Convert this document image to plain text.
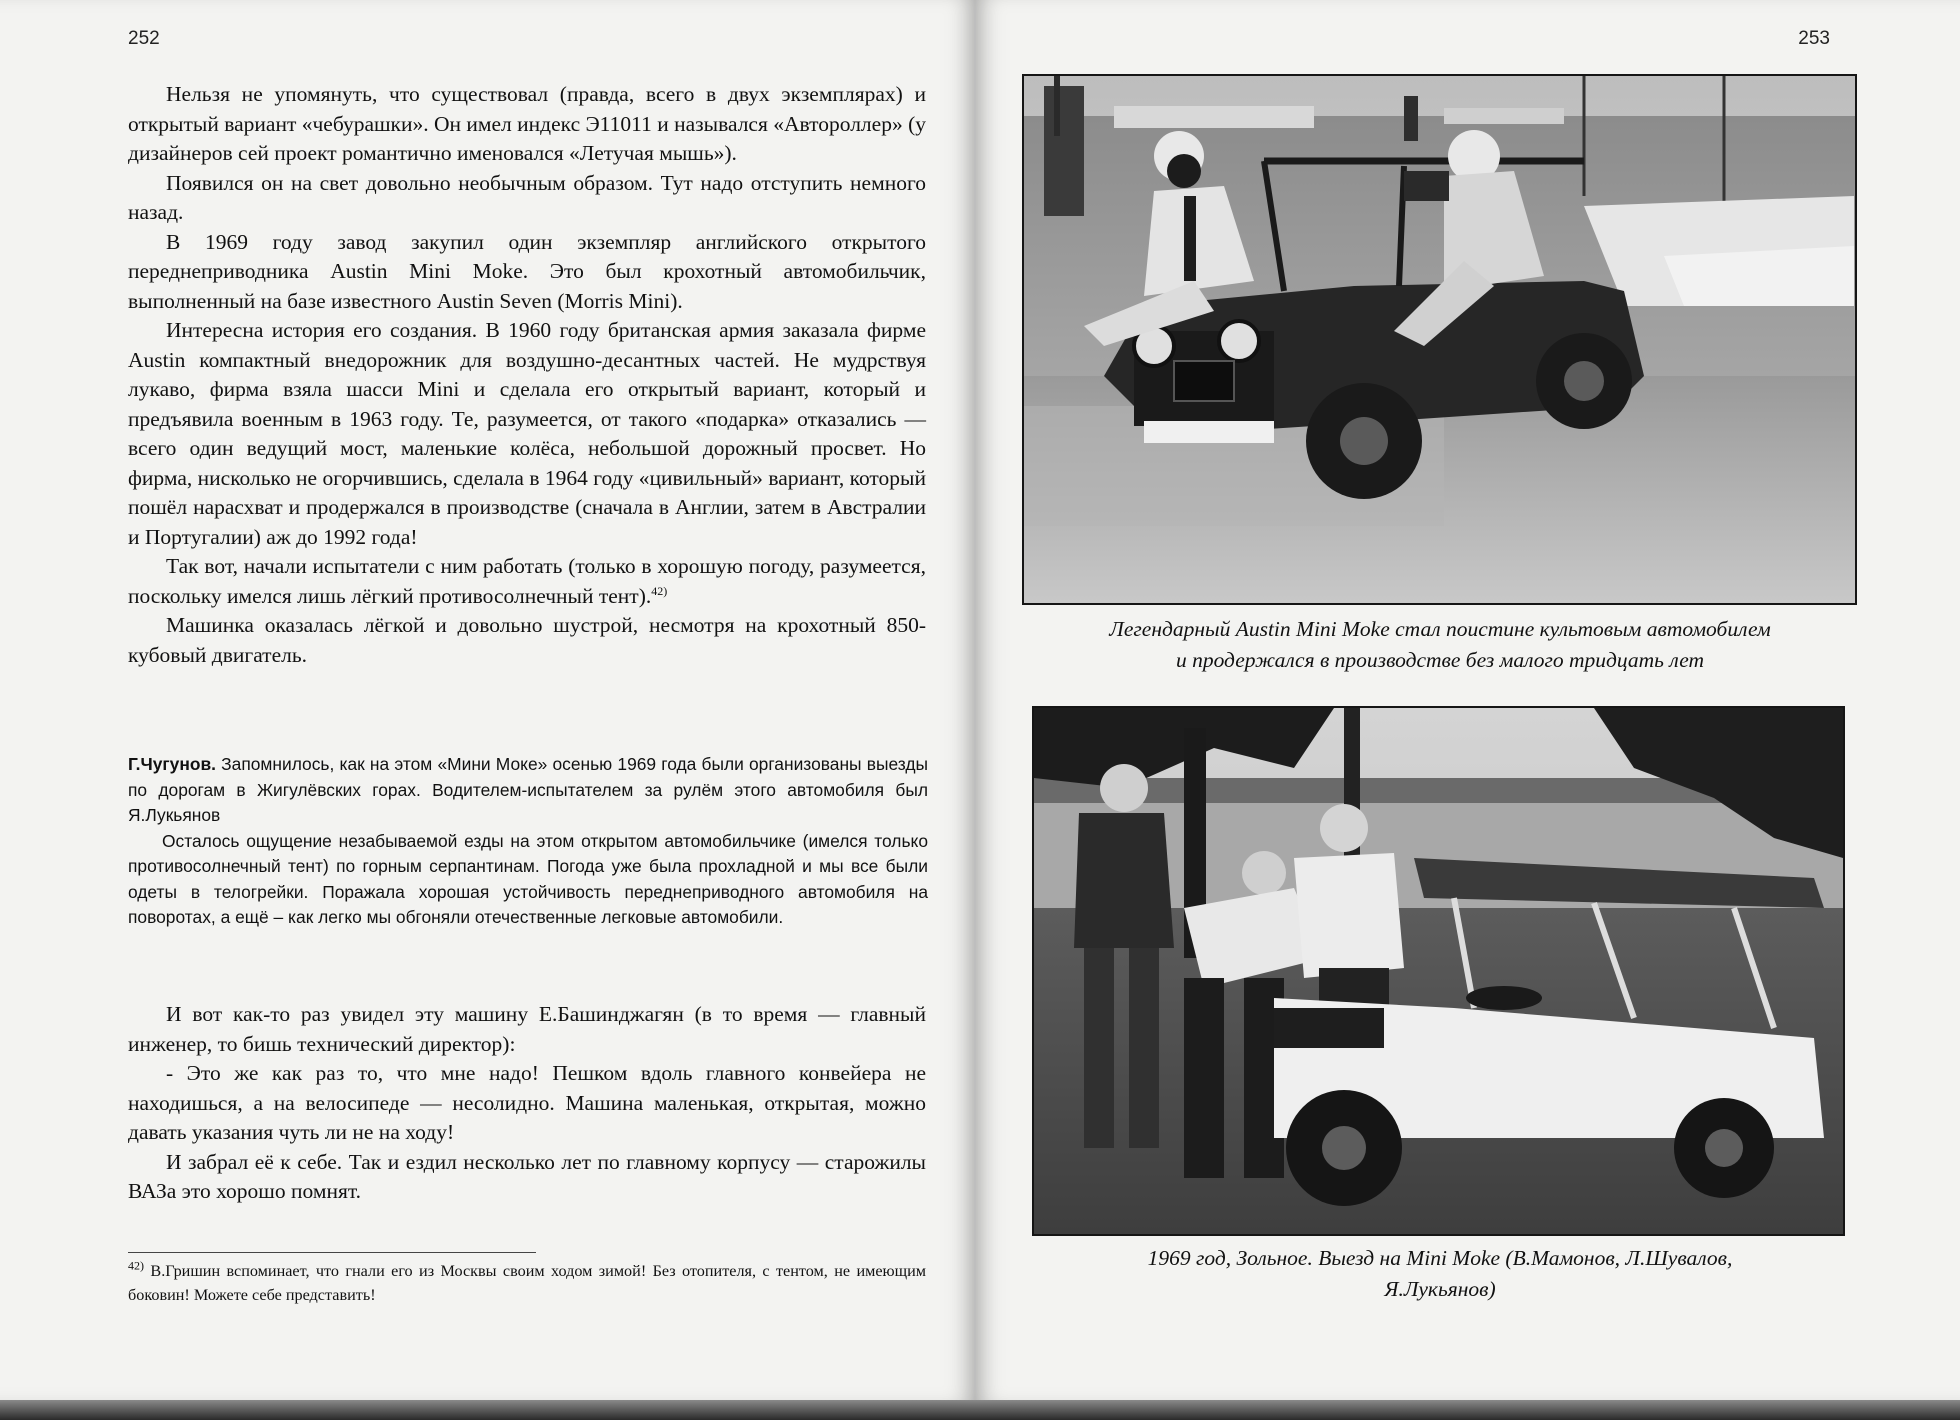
252

Нельзя не упомянуть, что существовал (правда, всего в двух экземплярах) и открытый вариант «чебурашки». Он имел индекс Э11011 и назывался «Автороллер» (у дизайнеров сей проект романтично именовался «Летучая мышь»).

Появился он на свет довольно необычным образом. Тут надо отступить немного назад.

В 1969 году завод закупил один экземпляр английского открытого переднеприводника Austin Mini Moke. Это был крохотный автомобильчик, выполненный на базе известного Austin Seven (Morris Mini).

Интересна история его создания. В 1960 году британская армия заказала фирме Austin компактный внедорожник для воздушно-десантных частей. Не мудрствуя лукаво, фирма взяла шасси Mini и сделала его открытый вариант, который и предъявила военным в 1963 году. Те, разумеется, от такого «подарка» отказались — всего один ведущий мост, маленькие колёса, небольшой дорожный просвет. Но фирма, нисколько не огорчившись, сделала в 1964 году «цивильный» вариант, который пошёл нарасхват и продержался в производстве (сначала в Англии, затем в Австралии и Португалии) аж до 1992 года!

Так вот, начали испытатели с ним работать (только в хорошую погоду, разумеется, поскольку имелся лишь лёгкий противосолнечный тент).$^{42)}$

Машинка оказалась лёгкой и довольно шустрой, несмотря на крохотный 850-кубовый двигатель.

Г.Чугунов. Запомнилось, как на этом «Мини Моке» осенью 1969 года были организованы выезды по дорогам в Жигулёвских горах. Водителем-испытателем за рулём этого автомобиля был Я.Лукьянов

Осталось ощущение незабываемой езды на этом открытом автомобильчике (имелся только противосолнечный тент) по горным серпантинам. Погода уже была прохладной и мы все были одеты в телогрейки. Поражала хорошая устойчивость переднеприводного автомобиля на поворотах, а ещё – как легко мы обгоняли отечественные легковые автомобили.

И вот как-то раз увидел эту машину Е.Башинджагян (в то время — главный инженер, то бишь технический директор):

- Это же как раз то, что мне надо! Пешком вдоль главного конвейера не находишься, а на велосипеде — несолидно. Машина маленькая, открытая, можно давать указания чуть ли не на ходу!

И забрал её к себе. Так и ездил несколько лет по главному корпусу — старожилы ВАЗа это хорошо помнят.

$^{42)}$ В.Гришин вспоминает, что гнали его из Москвы своим ходом зимой! Без отопителя, с тентом, не имеющим боковин! Можете себе представить!
253
Легендарный Austin Mini Moke стал поистине культовым автомобилем
и продержался в производстве без малого тридцать лет
1969 год, Зольное. Выезд на Mini Moke (В.Мамонов, Л.Шувалов,
Я.Лукьянов)
